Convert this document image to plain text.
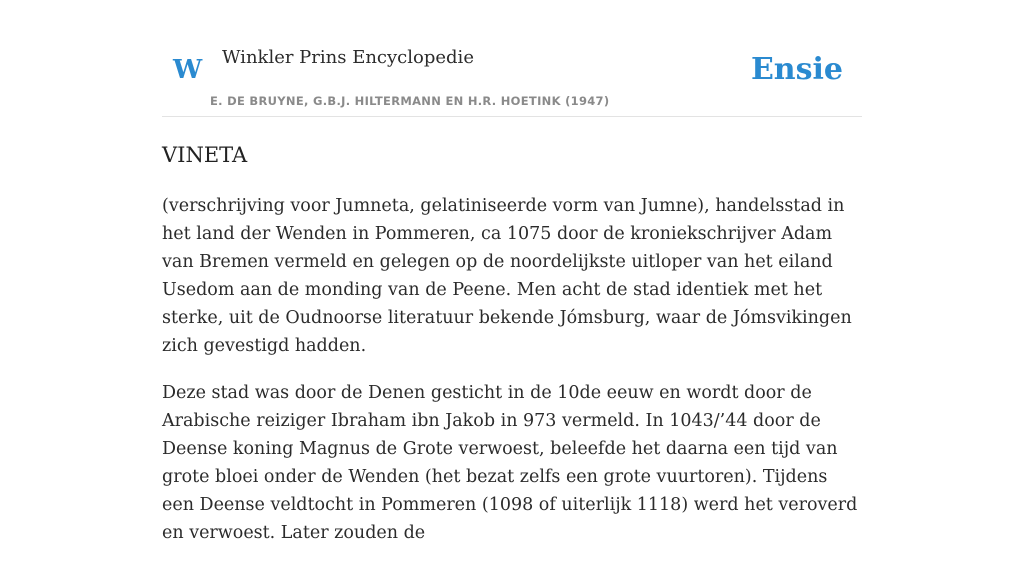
W Winkler Prins Encyclopedie
E. DE BRUYNE, G.B.J. HILTERMANN EN H.R. HOETINK (1947)
Ensie
VINETA

(verschrijving voor Jumneta, gelatiniseerde vorm van Jumne), handelsstad in het land der Wenden in Pommeren, ca 1075 door de kroniekschrijver Adam van Bremen vermeld en gelegen op de noordelijkste uitloper van het eiland Usedom aan de monding van de Peene. Men acht de stad identiek met het sterke, uit de Oudnoorse literatuur bekende Jómsburg, waar de Jómsvikingen zich gevestigd hadden.

Deze stad was door de Denen gesticht in de 10de eeuw en wordt door de Arabische reiziger Ibraham ibn Jakob in 973 vermeld. In 1043/’44 door de Deense koning Magnus de Grote verwoest, beleefde het daarna een tijd van grote bloei onder de Wenden (het bezat zelfs een grote vuurtoren). Tijdens een Deense veldtocht in Pommeren (1098 of uiterlijk 1118) werd het veroverd en verwoest. Later zouden de
